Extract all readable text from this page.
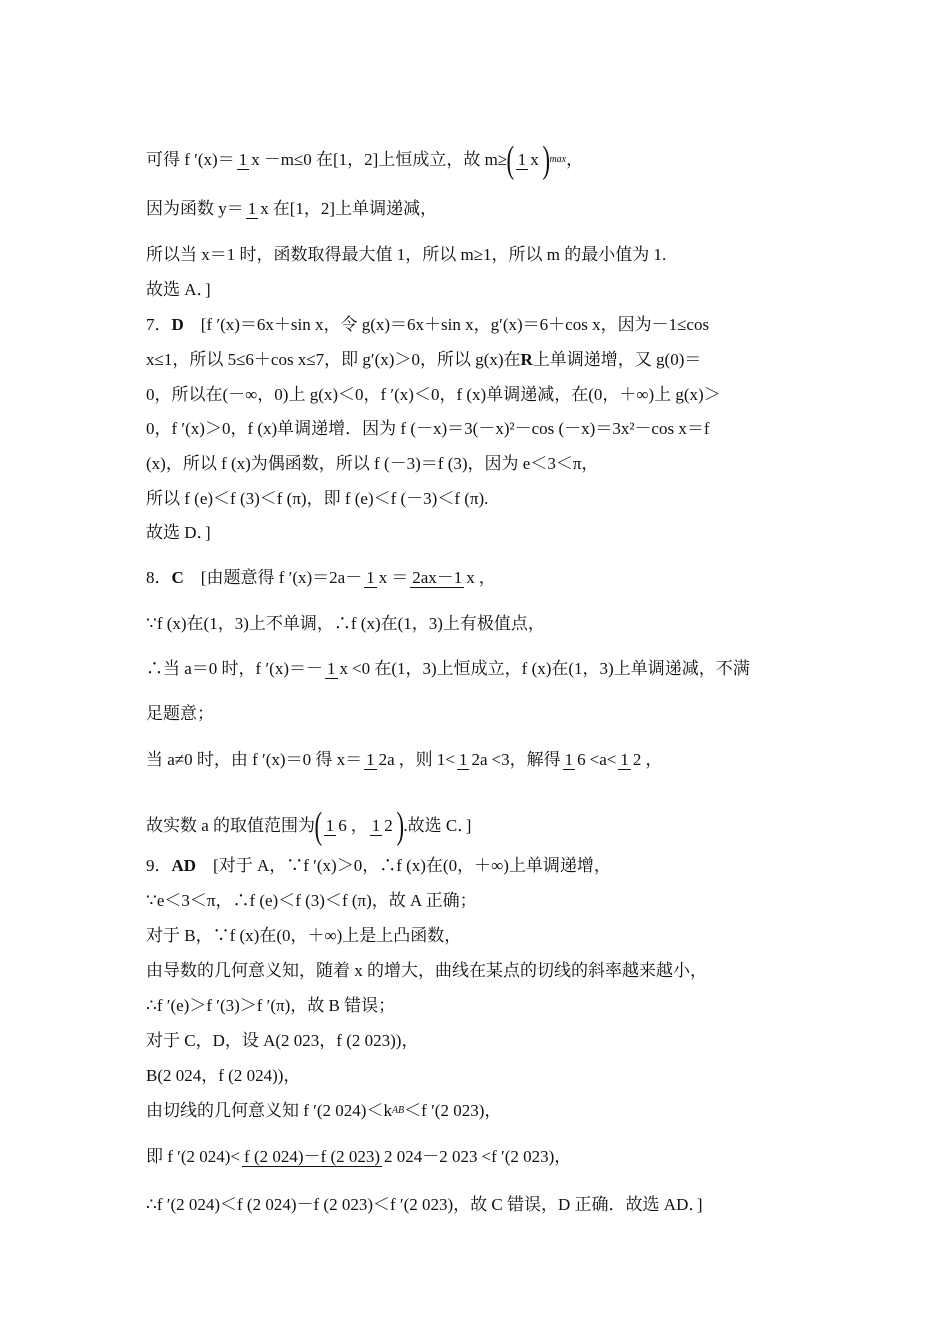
可得 f ′(x)＝ 1 x －m≤0 在[1，2]上恒成立，故 m≥ ( 1 x ) max ，
因为函数 y＝ 1 x 在[1，2]上单调递减，
所以当 x＝1 时，函数取得最大值 1，所以 m≥1，所以 m 的最小值为 1.
故选 A．]
7． D 　[f ′(x)＝6x＋sin x，令 g(x)＝6x＋sin x，g′(x)＝6＋cos x，因为－1≤cos
x≤1，所以 5≤6＋cos x≤7，即 g′(x)＞0，所以 g(x)在 R 上单调递增，又 g(0)＝
0，所以在(－∞，0)上 g(x)＜0，f ′(x)＜0，f (x)单调递减，在(0，＋∞)上 g(x)＞
0，f ′(x)＞0，f (x)单调递增．因为 f (－x)＝3(－x)²－cos (－x)＝3x²－cos x＝f
(x)，所以 f (x)为偶函数，所以 f (－3)＝f (3)，因为 e＜3＜π，
所以 f (e)＜f (3)＜f (π)，即 f (e)＜f (－3)＜f (π).
故选 D．]
8． C 　[由题意得 f ′(x)＝2a－ 1 x ＝ 2ax－1 x ，
∵f (x)在(1，3)上不单调，∴f (x)在(1，3)上有极值点，
∴当 a＝0 时，f ′(x)＝－ 1 x <0 在(1，3)上恒成立，f (x)在(1，3)上单调递减，不满
足题意；
当 a≠0 时，由 f ′(x)＝0 得 x＝ 1 2a ，则 1< 1 2a <3，解得 1 6 <a< 1 2 ，
故实数 a 的取值范围为 ( 1 6 ， 1 2 ) .故选 C．]
9． AD 　[对于 A，∵f ′(x)＞0，∴f (x)在(0，＋∞)上单调递增，
∵e＜3＜π，∴f (e)＜f (3)＜f (π)，故 A 正确；
对于 B，∵f (x)在(0，＋∞)上是上凸函数，
由导数的几何意义知，随着 x 的增大，曲线在某点的切线的斜率越来越小，
∴f ′(e)＞f ′(3)＞f ′(π)，故 B 错误；
对于 C，D，设 A(2 023，f (2 023))，
B(2 024，f (2 024))，
由切线的几何意义知 f ′(2 024)＜k AB ＜f ′(2 023)，
即 f ′(2 024)< f (2 024)－f (2 023) 2 024－2 023 <f ′(2 023)，
∴f ′(2 024)＜f (2 024)－f (2 023)＜f ′(2 023)，故 C 错误，D 正确．故选 AD．]
